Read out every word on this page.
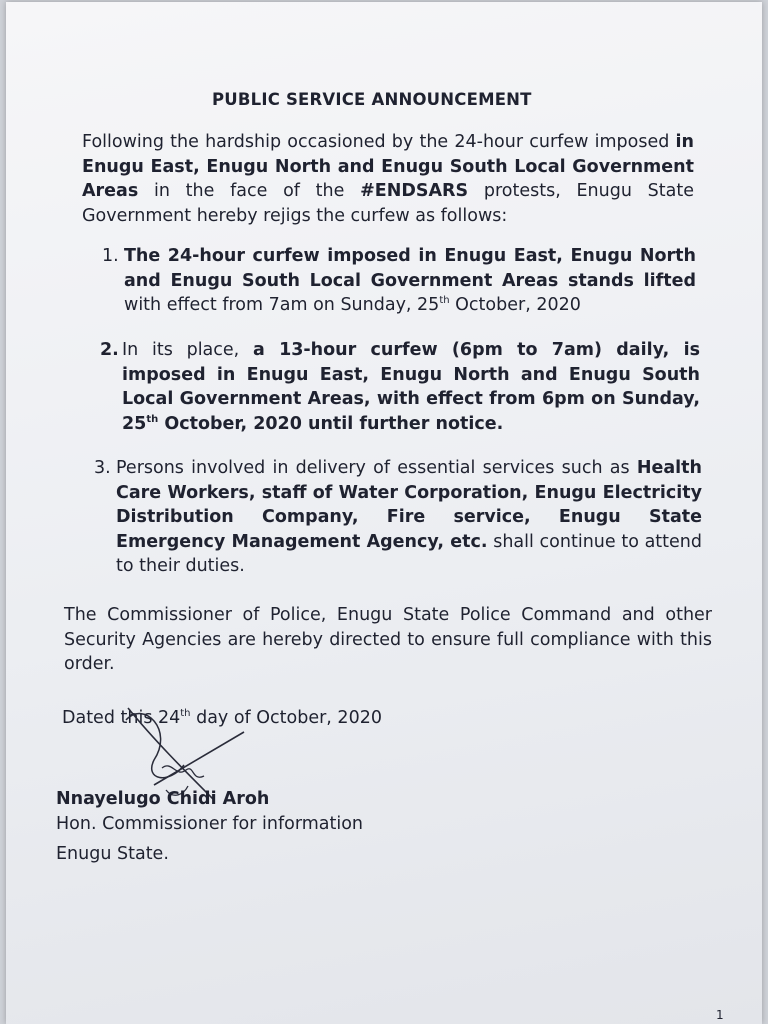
PUBLIC SERVICE ANNOUNCEMENT
Following the hardship occasioned by the 24-hour curfew imposed in Enugu East, Enugu North and Enugu South Local Government Areas in the face of the #ENDSARS protests, Enugu State Government hereby rejigs the curfew as follows:
1. The 24-hour curfew imposed in Enugu East, Enugu North and Enugu South Local Government Areas stands lifted with effect from 7am on Sunday, 25th October, 2020
2. In its place, a 13-hour curfew (6pm to 7am) daily, is imposed in Enugu East, Enugu North and Enugu South Local Government Areas, with effect from 6pm on Sunday, 25th October, 2020 until further notice.
3. Persons involved in delivery of essential services such as Health Care Workers, staff of Water Corporation, Enugu Electricity Distribution Company, Fire service, Enugu State Emergency Management Agency, etc. shall continue to attend to their duties.
The Commissioner of Police, Enugu State Police Command and other Security Agencies are hereby directed to ensure full compliance with this order.
Dated this 24th day of October, 2020
Nnayelugo Chidi Aroh
Hon. Commissioner for information
Enugu State.
1
